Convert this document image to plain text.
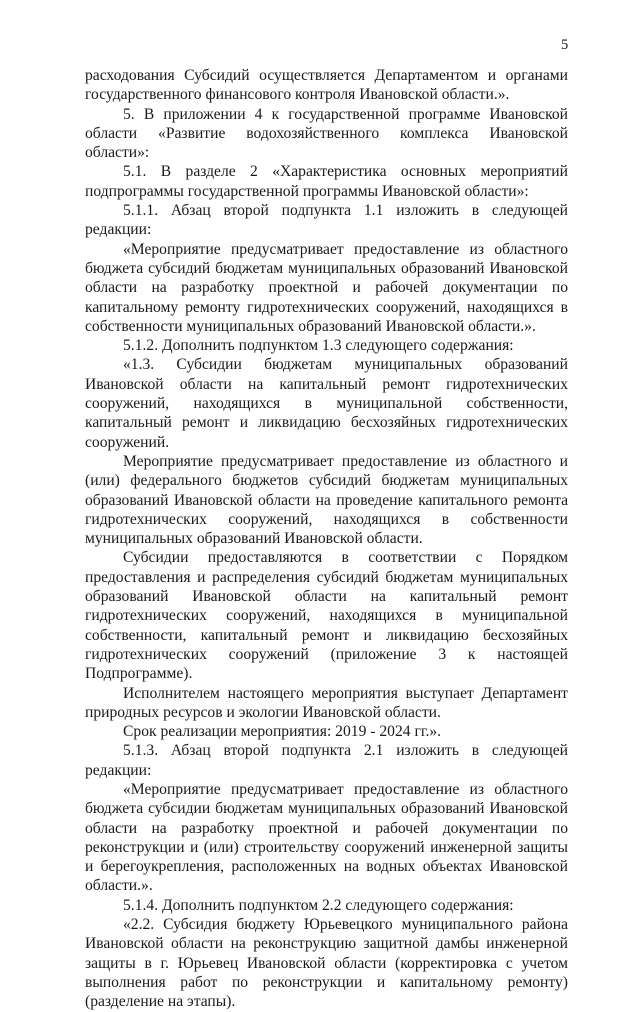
5

расходования Субсидий осуществляется Департаментом и органами государственного финансового контроля Ивановской области.».

5. В приложении 4 к государственной программе Ивановской области «Развитие водохозяйственного комплекса Ивановской области»:

5.1. В разделе 2 «Характеристика основных мероприятий подпрограммы государственной программы Ивановской области»:

5.1.1. Абзац второй подпункта 1.1 изложить в следующей редакции:

«Мероприятие предусматривает предоставление из областного бюджета субсидий бюджетам муниципальных образований Ивановской области на разработку проектной и рабочей документации по капитальному ремонту гидротехнических сооружений, находящихся в собственности муниципальных образований Ивановской области.».

5.1.2. Дополнить подпунктом 1.3 следующего содержания:

«1.3. Субсидии бюджетам муниципальных образований Ивановской области на капитальный ремонт гидротехнических сооружений, находящихся в муниципальной собственности, капитальный ремонт и ликвидацию бесхозяйных гидротехнических сооружений.

Мероприятие предусматривает предоставление из областного и (или) федерального бюджетов субсидий бюджетам муниципальных образований Ивановской области на проведение капитального ремонта гидротехнических сооружений, находящихся в собственности муниципальных образований Ивановской области.

Субсидии предоставляются в соответствии с Порядком предоставления и распределения субсидий бюджетам муниципальных образований Ивановской области на капитальный ремонт гидротехнических сооружений, находящихся в муниципальной собственности, капитальный ремонт и ликвидацию бесхозяйных гидротехнических сооружений (приложение 3 к настоящей Подпрограмме).

Исполнителем настоящего мероприятия выступает Департамент природных ресурсов и экологии Ивановской области.

Срок реализации мероприятия: 2019 - 2024 гг.».

5.1.3. Абзац второй подпункта 2.1 изложить в следующей редакции:

«Мероприятие предусматривает предоставление из областного бюджета субсидии бюджетам муниципальных образований Ивановской области на разработку проектной и рабочей документации по реконструкции и (или) строительству сооружений инженерной защиты и берегоукрепления, расположенных на водных объектах Ивановской области.».

5.1.4. Дополнить подпунктом 2.2 следующего содержания:

«2.2. Субсидия бюджету Юрьевецкого муниципального района Ивановской области на реконструкцию защитной дамбы инженерной защиты в г. Юрьевец Ивановской области (корректировка с учетом выполнения работ по реконструкции и капитальному ремонту) (разделение на этапы).
